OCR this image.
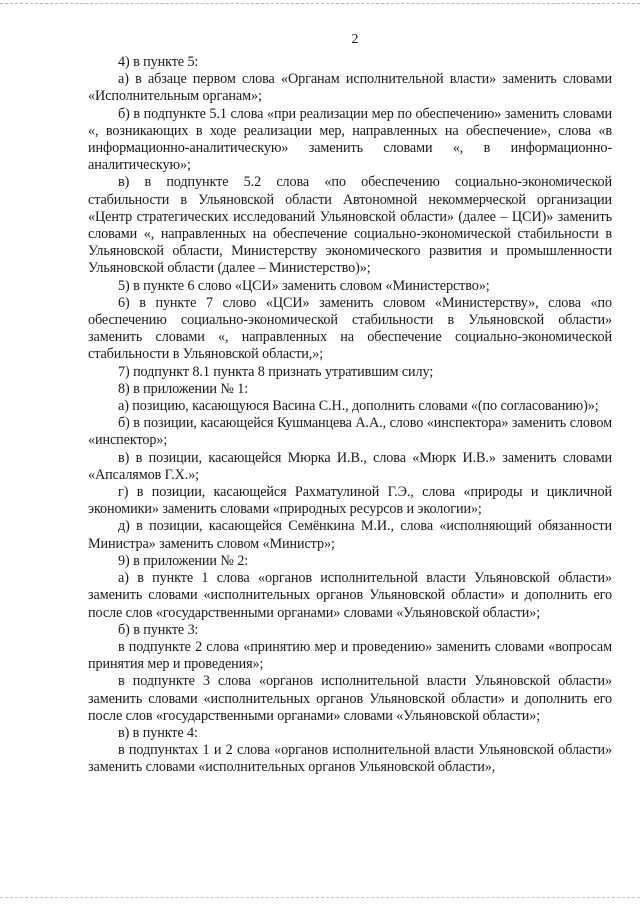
2

4) в пункте 5:

а) в абзаце первом слова «Органам исполнительной власти» заменить словами «Исполнительным органам»;

б) в подпункте 5.1 слова «при реализации мер по обеспечению» заменить словами «, возникающих в ходе реализации мер, направленных на обеспечение», слова «в информационно-аналитическую» заменить словами «, в информационно-аналитическую»;

в) в подпункте 5.2 слова «по обеспечению социально-экономической стабильности в Ульяновской области Автономной некоммерческой организации «Центр стратегических исследований Ульяновской области» (далее – ЦСИ)» заменить словами «, направленных на обеспечение социально-экономической стабильности в Ульяновской области, Министерству экономического развития и промышленности Ульяновской области (далее – Министерство)»;

5) в пункте 6 слово «ЦСИ» заменить словом «Министерство»;

6) в пункте 7 слово «ЦСИ» заменить словом «Министерству», слова «по обеспечению социально-экономической стабильности в Ульяновской области» заменить словами «, направленных на обеспечение социально-экономической стабильности в Ульяновской области,»;

7) подпункт 8.1 пункта 8 признать утратившим силу;

8) в приложении № 1:

а) позицию, касающуюся Васина С.Н., дополнить словами «(по согласованию)»;

б) в позиции, касающейся Кушманцева А.А., слово «инспектора» заменить словом «инспектор»;

в) в позиции, касающейся Мюрка И.В., слова «Мюрк И.В.» заменить словами «Апсалямов Г.Х.»;

г) в позиции, касающейся Рахматулиной Г.Э., слова «природы и цикличной экономики» заменить словами «природных ресурсов и экологии»;

д) в позиции, касающейся Семёнкина М.И., слова «исполняющий обязанности Министра» заменить словом «Министр»;

9) в приложении № 2:

а) в пункте 1 слова «органов исполнительной власти Ульяновской области» заменить словами «исполнительных органов Ульяновской области» и дополнить его после слов «государственными органами» словами «Ульяновской области»;

б) в пункте 3:

в подпункте 2 слова «принятию мер и проведению» заменить словами «вопросам принятия мер и проведения»;

в подпункте 3 слова «органов исполнительной власти Ульяновской области» заменить словами «исполнительных органов Ульяновской области» и дополнить его после слов «государственными органами» словами «Ульяновской области»;

в) в пункте 4:

в подпунктах 1 и 2 слова «органов исполнительной власти Ульяновской области» заменить словами «исполнительных органов Ульяновской области»,
